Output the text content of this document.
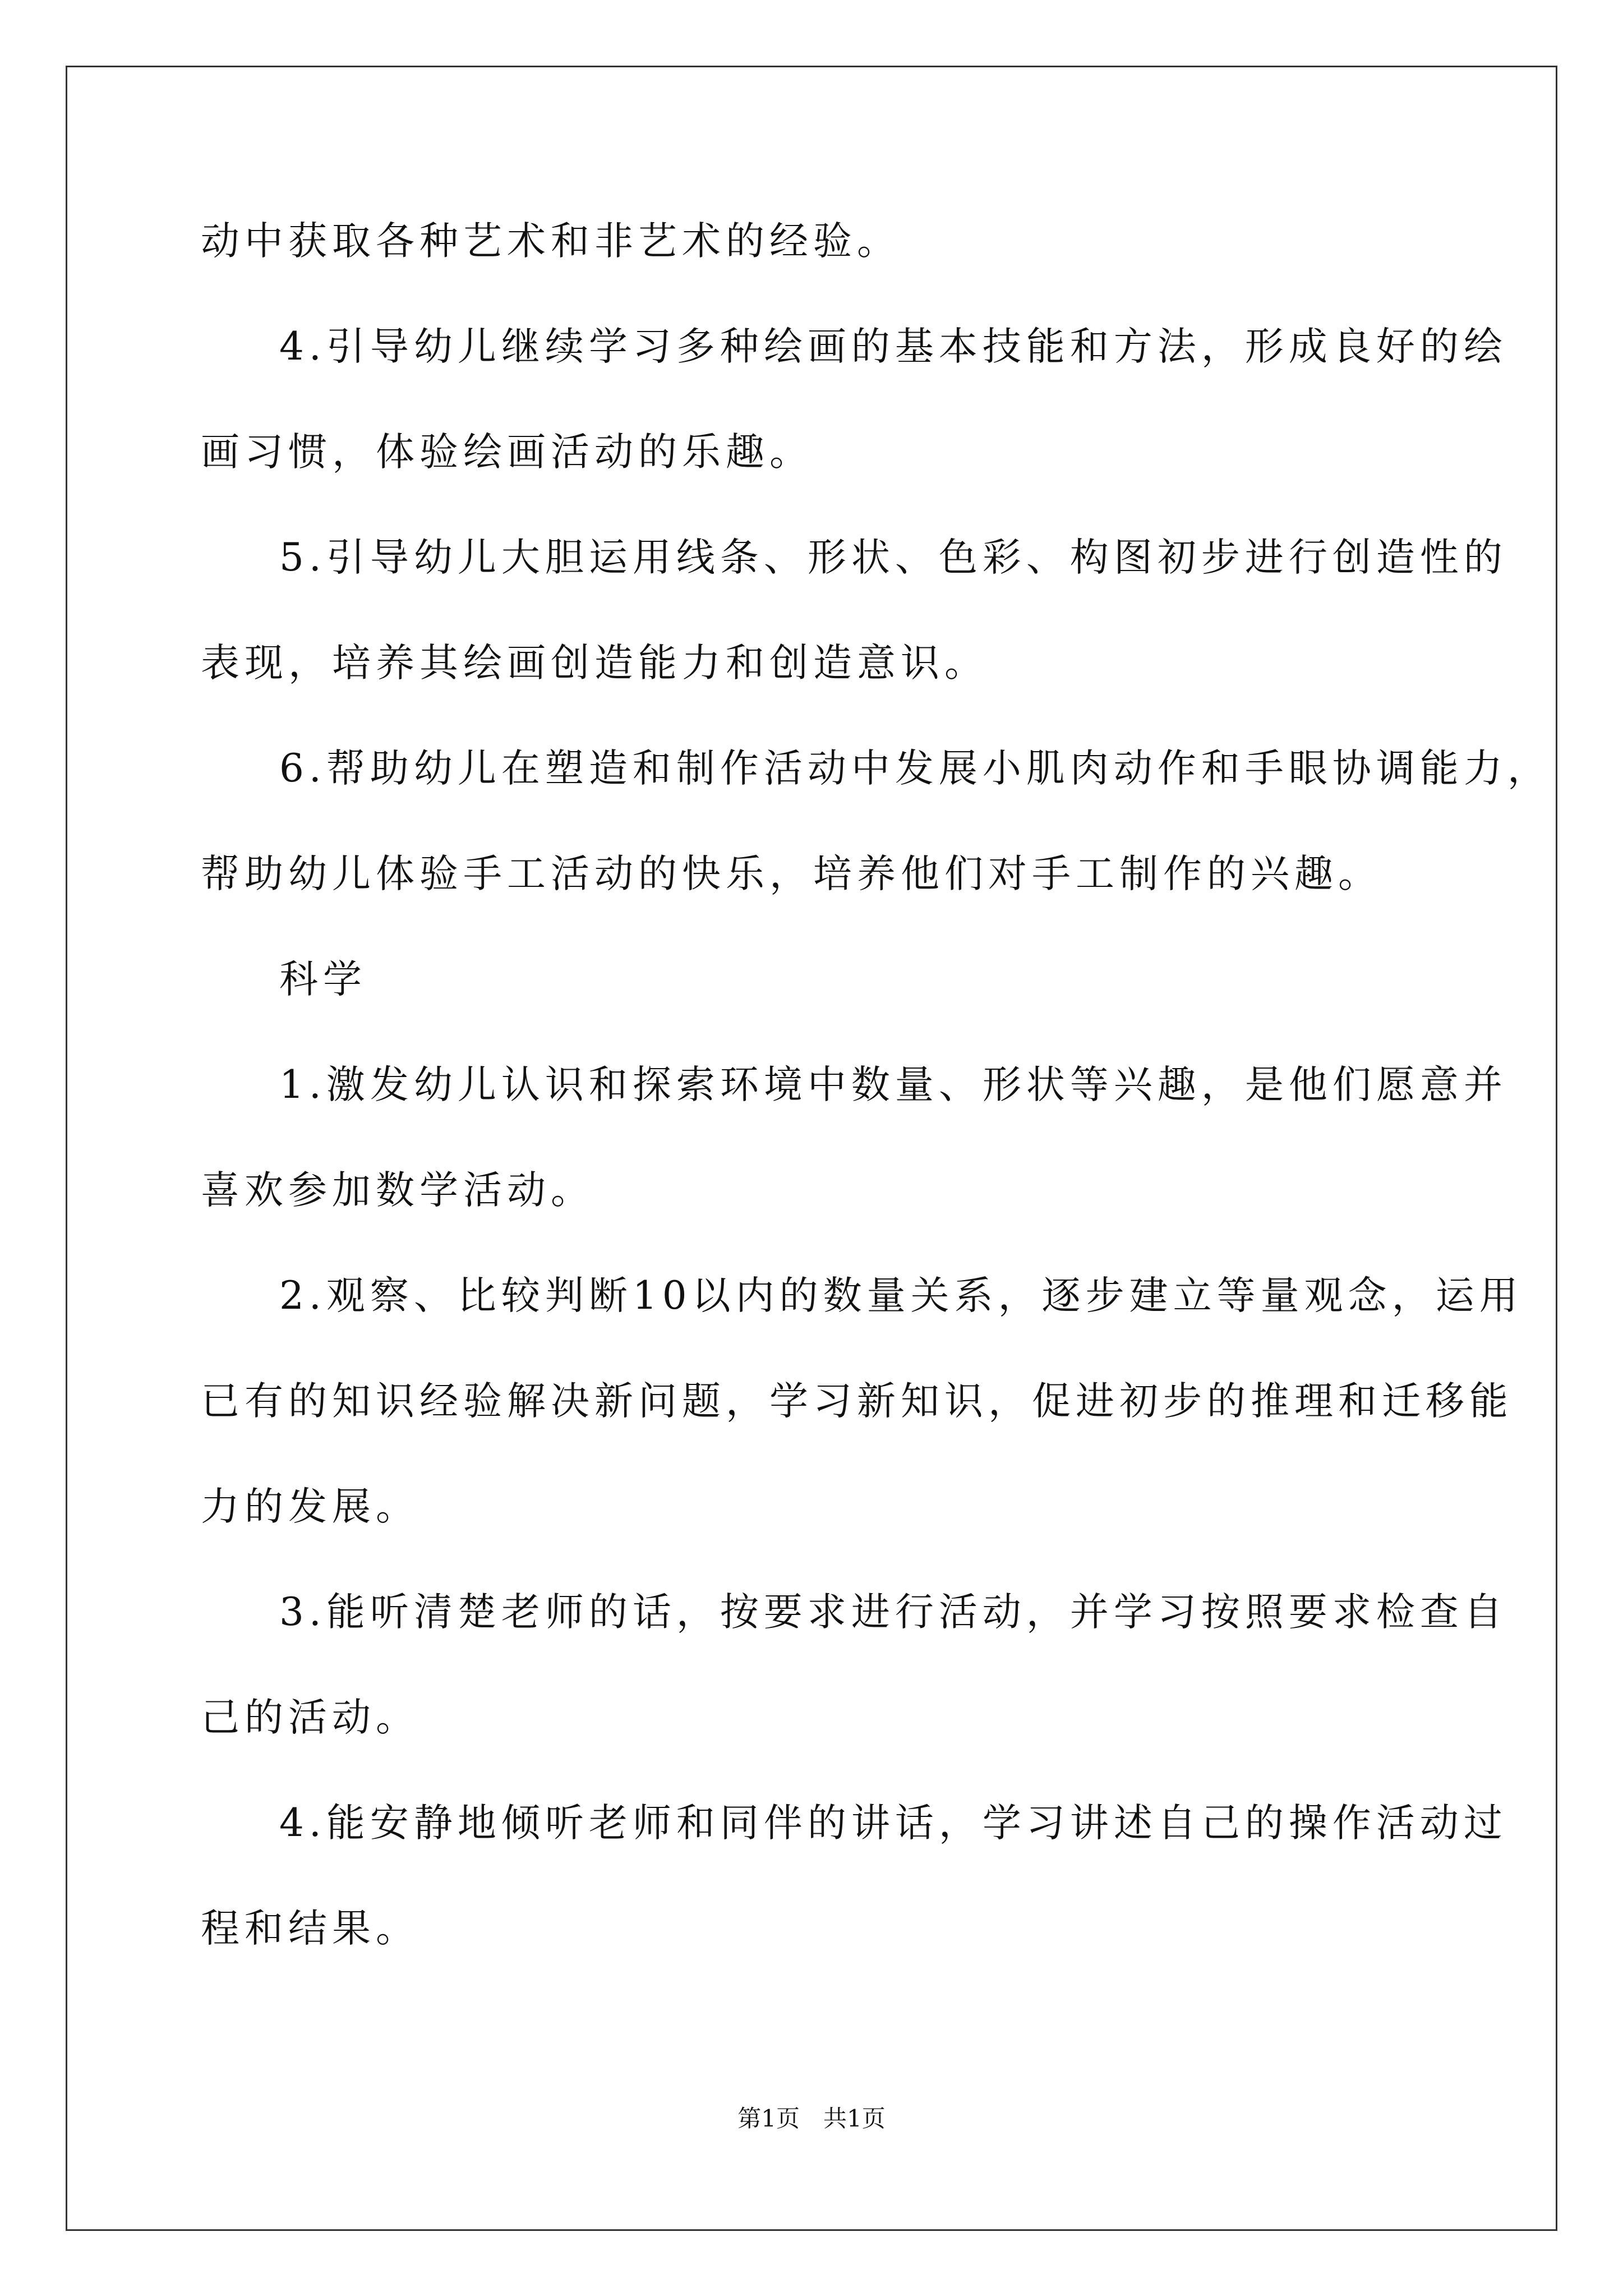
动中获取各种艺术和非艺术的经验。
4.引导幼儿继续学习多种绘画的基本技能和方法，形成良好的绘
画习惯，体验绘画活动的乐趣。
5.引导幼儿大胆运用线条、形状、色彩、构图初步进行创造性的
表现，培养其绘画创造能力和创造意识。
6.帮助幼儿在塑造和制作活动中发展小肌肉动作和手眼协调能力，
帮助幼儿体验手工活动的快乐，培养他们对手工制作的兴趣。
科学
1.激发幼儿认识和探索环境中数量、形状等兴趣，是他们愿意并
喜欢参加数学活动。
2.观察、比较判断10以内的数量关系，逐步建立等量观念，运用
已有的知识经验解决新问题，学习新知识，促进初步的推理和迁移能
力的发展。
3.能听清楚老师的话，按要求进行活动，并学习按照要求检查自
己的活动。
4.能安静地倾听老师和同伴的讲话，学习讲述自己的操作活动过
程和结果。
第1页　共1页
